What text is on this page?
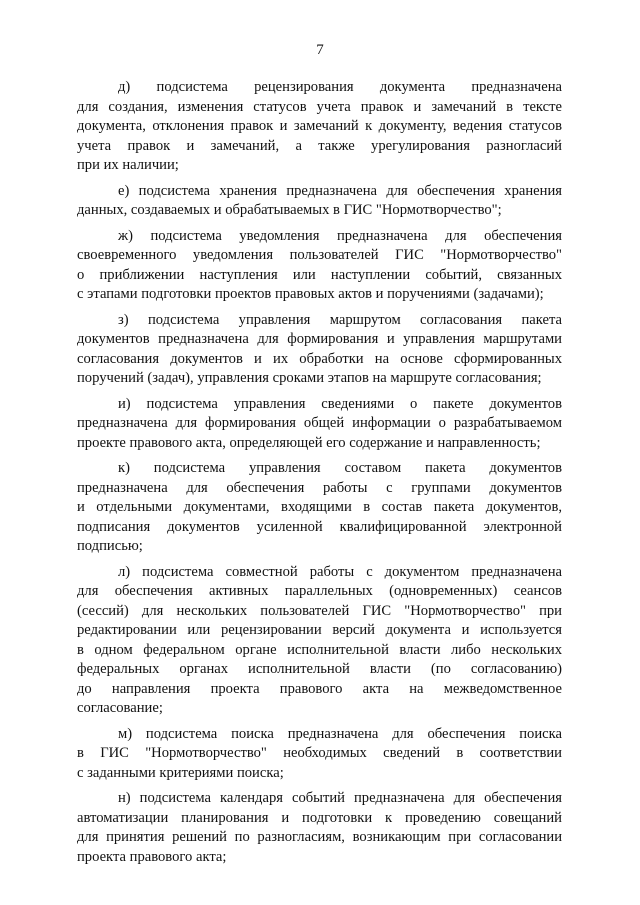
7

д) подсистема рецензирования документа предназначена
для создания, изменения статусов учета правок и замечаний в тексте
документа, отклонения правок и замечаний к документу, ведения статусов
учета правок и замечаний, а также урегулирования разногласий
при их наличии;

е) подсистема хранения предназначена для обеспечения хранения
данных, создаваемых и обрабатываемых в ГИС "Нормотворчество";

ж) подсистема уведомления предназначена для обеспечения
своевременного уведомления пользователей ГИС "Нормотворчество"
о приближении наступления или наступлении событий, связанных
с этапами подготовки проектов правовых актов и поручениями (задачами);

з) подсистема управления маршрутом согласования пакета
документов предназначена для формирования и управления маршрутами
согласования документов и их обработки на основе сформированных
поручений (задач), управления сроками этапов на маршруте согласования;

и) подсистема управления сведениями о пакете документов
предназначена для формирования общей информации о разрабатываемом
проекте правового акта, определяющей его содержание и направленность;

к) подсистема управления составом пакета документов
предназначена для обеспечения работы с группами документов
и отдельными документами, входящими в состав пакета документов,
подписания документов усиленной квалифицированной электронной
подписью;

л) подсистема совместной работы с документом предназначена
для обеспечения активных параллельных (одновременных) сеансов
(сессий) для нескольких пользователей ГИС "Нормотворчество" при
редактировании или рецензировании версий документа и используется
в одном федеральном органе исполнительной власти либо нескольких
федеральных органах исполнительной власти (по согласованию)
до направления проекта правового акта на межведомственное
согласование;

м) подсистема поиска предназначена для обеспечения поиска
в ГИС "Нормотворчество" необходимых сведений в соответствии
с заданными критериями поиска;

н) подсистема календаря событий предназначена для обеспечения
автоматизации планирования и подготовки к проведению совещаний
для принятия решений по разногласиям, возникающим при согласовании
проекта правового акта;
